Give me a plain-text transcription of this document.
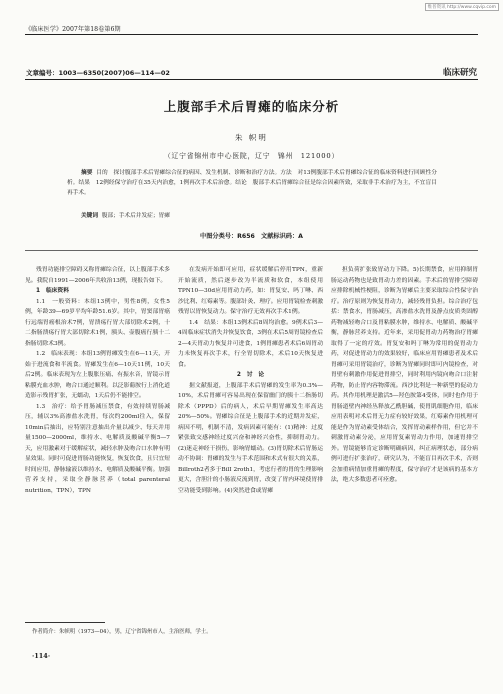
维普资讯 http://www.cqvip.com
《临床医学》2007年第18卷第6期
文章编号：1003—6350(2007)06—114—02	临床研究
上腹部手术后胃瘫的临床分析
朱 帜明
（辽宁省锦州市中心医院，辽宁　锦州　121000）
摘要 目的　探讨腹部手术后胃瘫综合征的病因、发生机制、诊断和治疗方法。方法　对13例腹部手术后胃瘫综合征的临床资料进行回顾性分析。结果　12例经保守治疗在35天内治愈，1例再次手术后治愈。结论　腹部手术后胃瘫综合征是综合因素所致，采取非手术治疗为主，不宜盲目再手术。
关键词 腹部；手术后并发症；胃瘫
中图分类号：R656　文献标识码：A

残胃功能排空障碍又称胃瘫综合征，以上腹部手术多见。我院自1991—2006年共收治13例，现报告如下。

1　临床资料

1.1　一般资料：本组13例中，男性8例，女性5例，年龄39—69岁平均年龄51.6岁。其中，胃窦部胃癌行远端胃癌根治术7例，胃溃疡行胃大部切除术2例，十二指肠溃疡行胃大部切除术1例，胰头、壶腹癌行胰十二指肠切除术3例。

1.2　临床表现：本组13例胃瘫发生在6—11天，开始于进流食和半流食。胃瘫发生在6—10天11例，10天后2例。临床表现为左上腹胀压痛、有振水音，胃镜示胃粘膜充血水肿，吻合口通过顺利。以泛影葡胺行上消化道造影示残胃扩张，无蠕动，1天后仍不能排空。

1.3　治疗：给予胃肠减压禁食，有效持续胃肠减压，辅以3%高渗盐水洗胃，每次约200ml往入，保留10min后抽出，应特别注意抽出介量以减少、每天并用量1500—2000ml，维持水、电解质及酸碱平衡5—7天，应用激素对于缓解症状，减轻水肿及吻合口水肿有明显效果。同时可促进胃肠功能恢复，恢复饮食，且只宜短时间应用，静脉输液以维持水、电解质及酸碱平衡。加强营养支持，采取全静脉营养（total parenteral nutrition，TPN），TPN

在发病开始即可应用，症状缓解后停用TPN，重新开始流质，然后逐步改为半流质和软食，本组使用TPN10—30d应用胃动力药，如：胃复安、吗丁啉、西沙比利、红霉素等。腹部针灸、理疗。应用胃镜检查刺激残胃以胃恢复动力。保守治疗无效再次手术1例。

1.4　结果：本组13例术后8周均治愈。9例术后3—4周临床症状消失并恢复饮食，3例在术后5周胃镜检查后2—4天胃动力恢复并可进食，1例胃瘫患者术后6周胃动力未恢复再次手术，行全胃切除术，术后10天恢复进食。

2　讨　论

据文献报道，上腹部手术后胃瘫的发生率为0.3%—10%，术后胃瘫可容易出现在保留幽门的胰十二指肠切除术（PPPD）后的病人，术后早期胃瘫发生率高达20%—50%。胃瘫综合征是上腹部手术的近期并发症，病因不明，机制不清，发病因素可能有：(1)精神：过度紧张致交感神经过度兴奋和神经兴奋性，抑制胃动力。(2)迷走神经干损伤，影响胃蠕动。(3)胃切除术后胃肠运动不协调：胃瘫的发生与手术范围和术式有很大的关系，Billroth2者多于BilI 2roth1，考虑行者的胃的生理影响更大，含胆汁的小肠液反流到胃，改变了胃内环境使胃排空功能受到影响。(4)突然进食或胃瘫

担负荷扩张致胃动力下降。5)长期禁食，应用抑制胃肠运动药物也是致胃动力差的因素。手术后的胃排空障碍应排除机械性梗阻，诊断为胃瘫后主要采取综合性保守治疗。治疗原则为恢复胃动力，减轻残胃负担。综合治疗包括：禁食水，胃肠减压，高渗盐水洗胃及静点皮质类固醇药物减轻吻合口及胃粘膜水肿，维持水、电解质、酸碱平衡，静脉营养支持。近年来，采用促胃动力药物治疗胃瘫取得了一定的疗效。胃复安和吗丁啉为常用的促胃动力药，对促进胃动力的效果较好，临床应用胃瘫患者及术后胃瘫可采用胃镜治疗，诊断为胃瘫同时即可内镜检查，对胃壁有刺激作用促进胃排空，同时利用内镜向吻合口注射药物，防止胃内容物滞流。西沙比利是一种新型的促动力药。其作用机理是激活5—羟色胺第4受体，同时也作用于胃肠道壁内神经丛释放乙酰胆碱，使胃肌细胞作用，临床应用表明对术后胃无力症有较好效果，红霉素作用机理可能是作为胃动素受体结合，发挥胃动素样作用，但它并不刺激胃动素分泌，应用胃复素胃动力作用，加速胃排空外。胃镜能够肯定诊断明确病因，纠正病理状态，部分病例可进行扩张治疗，研究认为，不能盲目再次手术，否则会加重病情加重胃瘫的程度，保守治疗才是该病的基本方法，绝大多数患者可痊愈。

作者简介：朱帜明（1973—04），男，辽宁省锦州市人，主治医师，学士。
·114·
